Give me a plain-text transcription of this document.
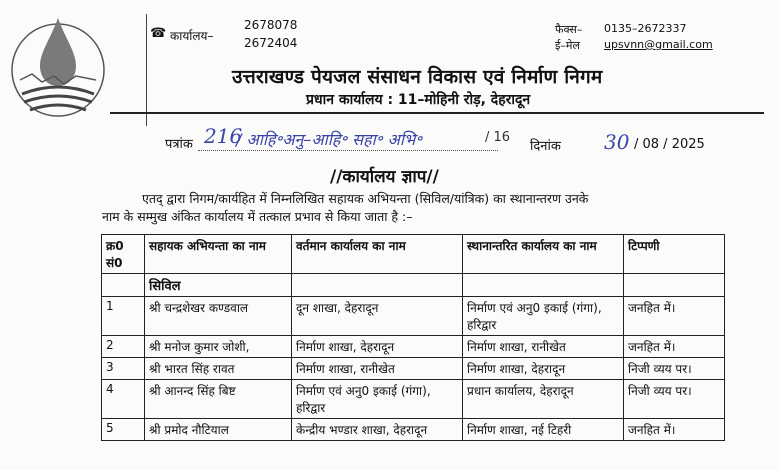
☎ कार्यालय–
2678078
2672404
फैक्स– 0135–2672337
ई–मेल upsvnn@gmail.com
उत्तराखण्ड पेयजल संसाधन विकास एवं निर्माण निगम
प्रधान कार्यालय : 11–मोहिनी रोड़, देहरादून
पत्रांक 216
/ आहि॰अनु–आहि॰ सहा॰ अभि॰	/ 16
दिनांक 30 / 08 / 2025
//कार्यालय ज्ञाप//
एतद् द्वारा निगम/कार्यहित में निम्नलिखित सहायक अभियन्ता (सिविल/यांत्रिक) का स्थानान्तरण उनके
नाम के सम्मुख अंकित कार्यालय में तत्काल प्रभाव से किया जाता है :–
क्र0 सं0	सहायक अभियन्ता का नाम	वर्तमान कार्यालय का नाम	स्थानान्तरित कार्यालय का नाम	टिप्पणी
	सिविल			
1	श्री चन्द्रशेखर कण्डवाल	दून शाखा, देहरादून	निर्माण एवं अनु0 इकाई (गंगा), हरिद्वार	जनहित में।
2	श्री मनोज कुमार जोशी,	निर्माण शाखा, देहरादून	निर्माण शाखा, रानीखेत	जनहित में।
3	श्री भारत सिंह रावत	निर्माण शाखा, रानीखेत	निर्माण शाखा, देहरादून	निजी व्यय पर।
4	श्री आनन्द सिंह बिष्ट	निर्माण एवं अनु0 इकाई (गंगा), हरिद्वार	प्रधान कार्यालय, देहरादून	निजी व्यय पर।
5	श्री प्रमोद नौटियाल	केन्द्रीय भण्डार शाखा, देहरादून	निर्माण शाखा, नई टिहरी	जनहित में।
